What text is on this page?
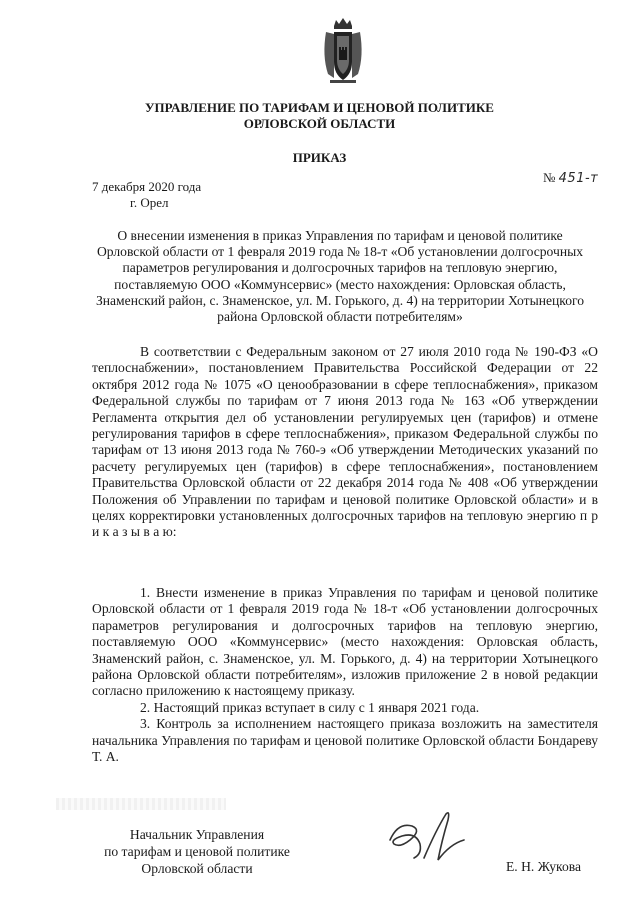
УПРАВЛЕНИЕ ПО ТАРИФАМ И ЦЕНОВОЙ ПОЛИТИКЕ
ОРЛОВСКОЙ ОБЛАСТИ
ПРИКАЗ
7 декабря 2020 года
г. Орел
№ 451-т
О внесении изменения в приказ Управления по тарифам и ценовой политике Орловской области от 1 февраля 2019 года № 18-т «Об установлении долгосрочных параметров регулирования и долгосрочных тарифов на тепловую энергию, поставляемую ООО «Коммунсервис» (место нахождения: Орловская область, Знаменский район, с. Знаменское, ул. М. Горького, д. 4) на территории Хотынецкого района Орловской области потребителям»
В соответствии с Федеральным законом от 27 июля 2010 года № 190-ФЗ «О теплоснабжении», постановлением Правительства Российской Федерации от 22 октября 2012 года № 1075 «О ценообразовании в сфере теплоснабжения», приказом Федеральной службы по тарифам от 7 июня 2013 года № 163 «Об утверждении Регламента открытия дел об установлении регулируемых цен (тарифов) и отмене регулирования тарифов в сфере теплоснабжения», приказом Федеральной службы по тарифам от 13 июня 2013 года № 760-э «Об утверждении Методических указаний по расчету регулируемых цен (тарифов) в сфере теплоснабжения», постановлением Правительства Орловской области от 22 декабря 2014 года № 408 «Об утверждении Положения об Управлении по тарифам и ценовой политике Орловской области» и в целях корректировки установленных долгосрочных тарифов на тепловую энергию п р и к а з ы в а ю:

1. Внести изменение в приказ Управления по тарифам и ценовой политике Орловской области от 1 февраля 2019 года № 18-т «Об установлении долгосрочных параметров регулирования и долгосрочных тарифов на тепловую энергию, поставляемую ООО «Коммунсервис» (место нахождения: Орловская область, Знаменский район, с. Знаменское, ул. М. Горького, д. 4) на территории Хотынецкого района Орловской области потребителям», изложив приложение 2 в новой редакции согласно приложению к настоящему приказу.

2. Настоящий приказ вступает в силу с 1 января 2021 года.

3. Контроль за исполнением настоящего приказа возложить на заместителя начальника Управления по тарифам и ценовой политике Орловской области Бондареву Т. А.

Начальник Управления
по тарифам и ценовой политике
Орловской области	Е. Н. Жукова
